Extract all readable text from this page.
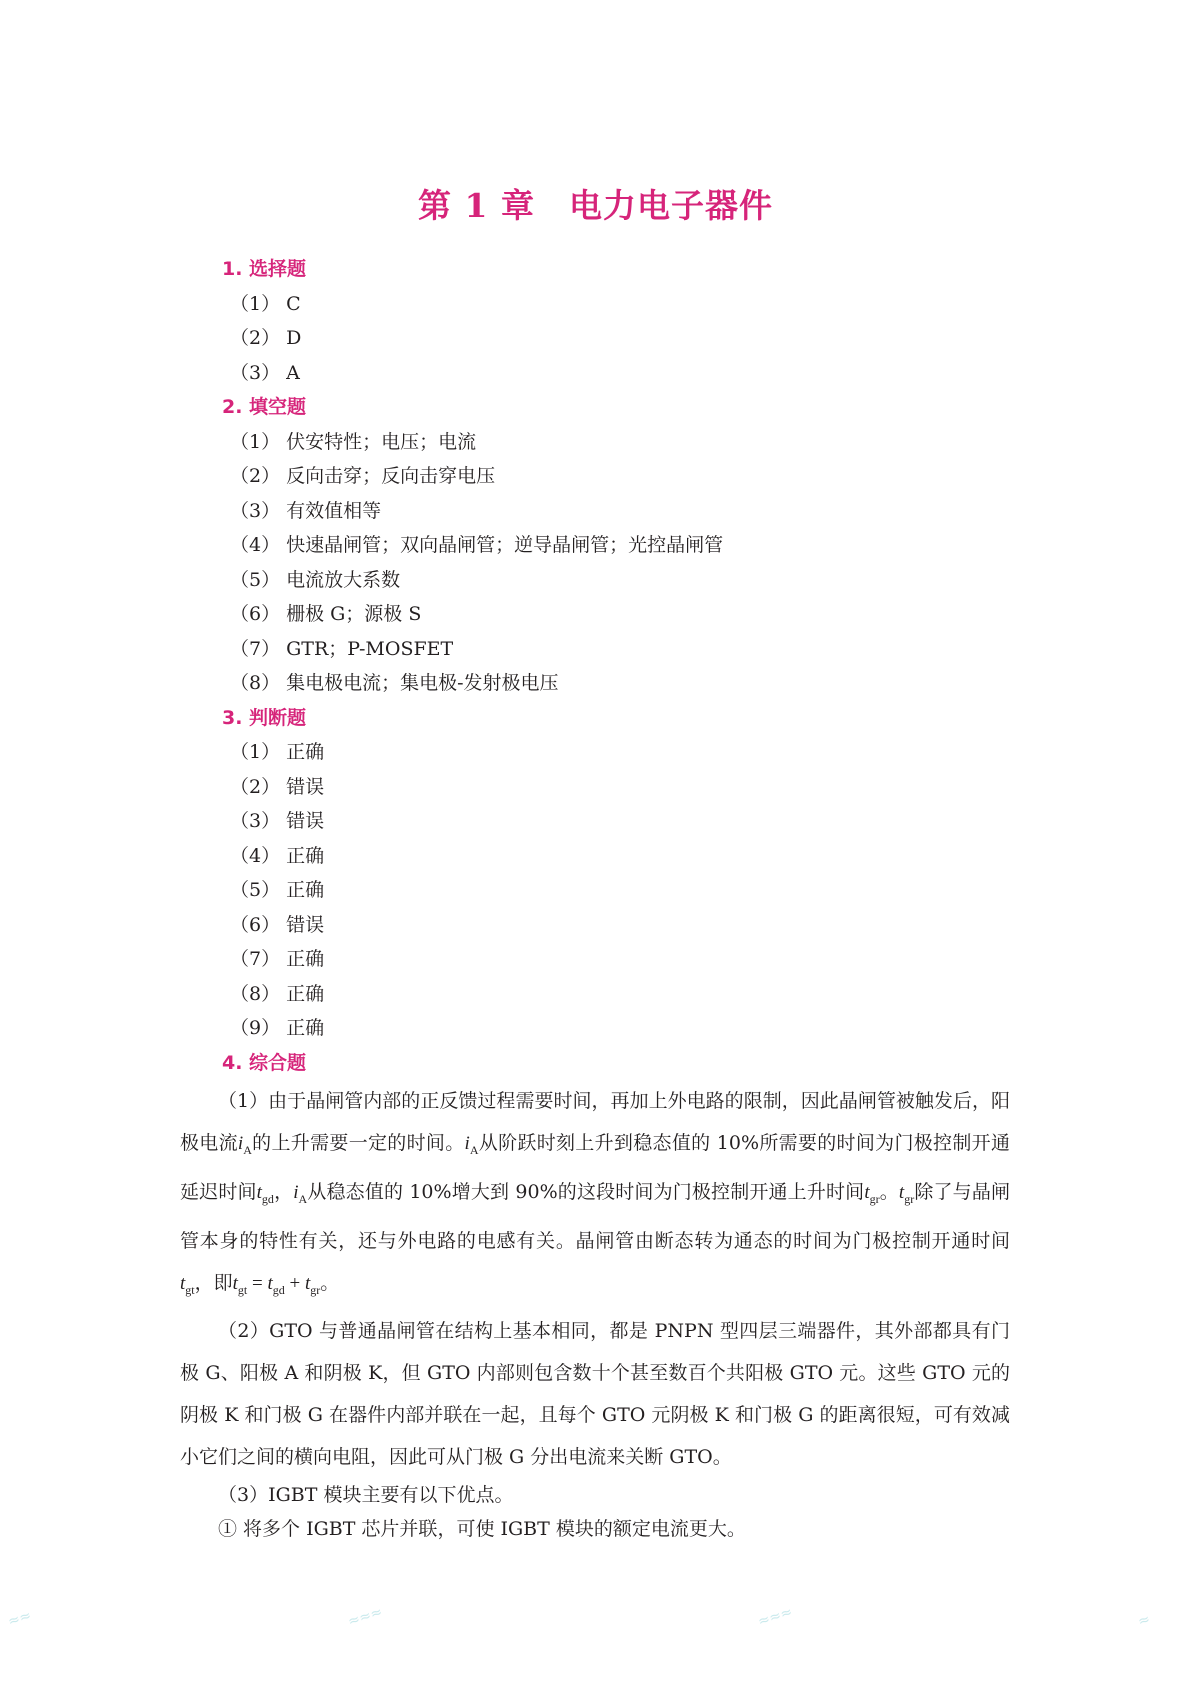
第 1 章　电力电子器件
1. 选择题
（1） C
（2） D
（3） A
2. 填空题
（1） 伏安特性；电压；电流
（2） 反向击穿；反向击穿电压
（3） 有效值相等
（4） 快速晶闸管；双向晶闸管；逆导晶闸管；光控晶闸管
（5） 电流放大系数
（6） 栅极 G；源极 S
（7） GTR；P-MOSFET
（8） 集电极电流；集电极-发射极电压
3. 判断题
（1） 正确
（2） 错误
（3） 错误
（4） 正确
（5） 正确
（6） 错误
（7） 正确
（8） 正确
（9） 正确
4. 综合题

（1）由于晶闸管内部的正反馈过程需要时间，再加上外电路的限制，因此晶闸管被触发后，阳极电流$i_A$的上升需要一定的时间。$i_A$从阶跃时刻上升到稳态值的 10%所需要的时间为门极控制开通延迟时间$t_{gd}$，$i_A$从稳态值的 10%增大到 90%的这段时间为门极控制开通上升时间$t_{gr}$。$t_{gr}$除了与晶闸管本身的特性有关，还与外电路的电感有关。晶闸管由断态转为通态的时间为门极控制开通时间$t_{gt}$，即$t_{gt} = t_{gd} + t_{gr}$。

（2）GTO 与普通晶闸管在结构上基本相同，都是 PNPN 型四层三端器件，其外部都具有门极 G、阳极 A 和阴极 K，但 GTO 内部则包含数十个甚至数百个共阳极 GTO 元。这些 GTO 元的阴极 K 和门极 G 在器件内部并联在一起，且每个 GTO 元阴极 K 和门极 G 的距离很短，可有效减小它们之间的横向电阻，因此可从门极 G 分出电流来关断 GTO。

（3）IGBT 模块主要有以下优点。

① 将多个 IGBT 芯片并联，可使 IGBT 模块的额定电流更大。
≈≈	≈≈≈	≈≈≈	≈
